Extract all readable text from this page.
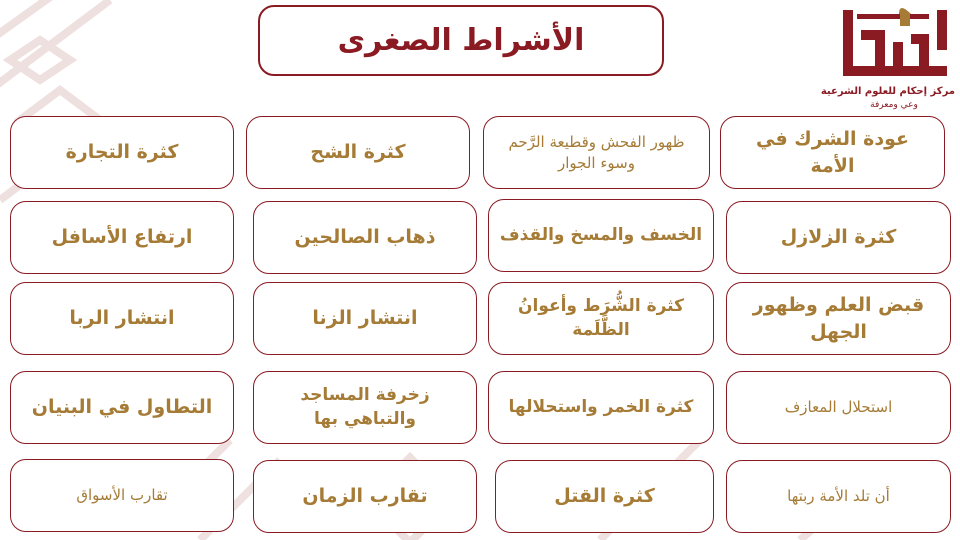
الأشراط الصغرى
مركز إحكام للعلوم الشرعية
وعي ومعرفة
عودة الشرك في الأمة
ظهور الفحش وقطيعة الرَّحم وسوء الجوار
كثرة الشح
كثرة التجارة
كثرة الزلازل
الخسف والمسخ والقذف
ذهاب الصالحين
ارتفاع الأسافل
قبض العلم وظهور الجهل
كثرة الشُّرَط وأعوانُ الظَّلَمة
انتشار الزنا
انتشار الربا
استحلال المعازف
كثرة الخمر واستحلالها
زخرفة المساجد والتباهي بها
التطاول في البنيان
أن تلد الأمة ربتها
كثرة القتل
تقارب الزمان
تقارب الأسواق
